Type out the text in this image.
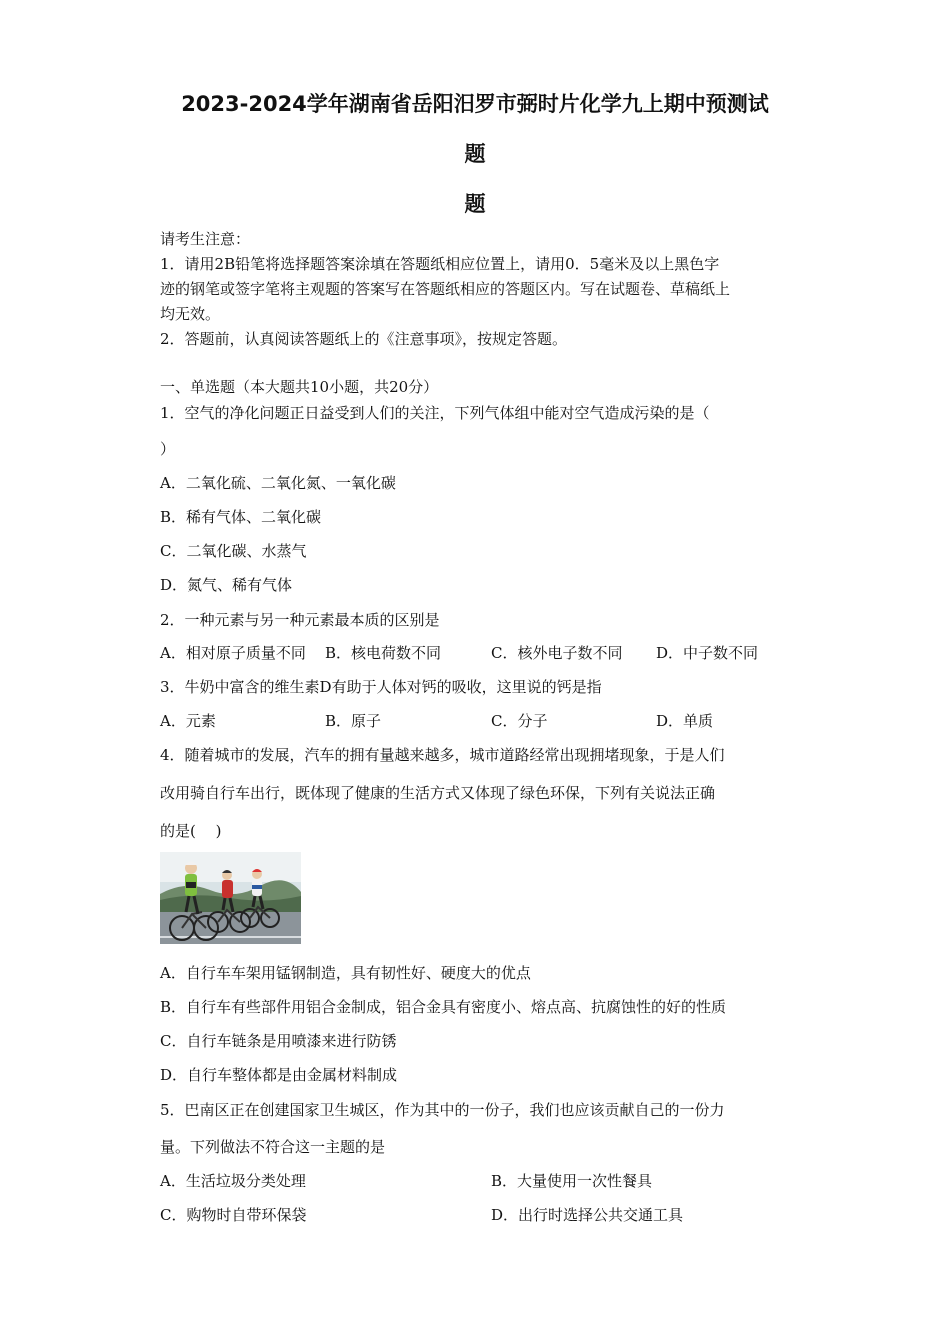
2023-2024学年湖南省岳阳汨罗市弼时片化学九上期中预测试
题
题
请考生注意：
1．请用2B铅笔将选择题答案涂填在答题纸相应位置上，请用0．5毫米及以上黑色字
迹的钢笔或签字笔将主观题的答案写在答题纸相应的答题区内。写在试题卷、草稿纸上
均无效。
2．答题前，认真阅读答题纸上的《注意事项》，按规定答题。
一、单选题（本大题共10小题，共20分）
1．空气的净化问题正日益受到人们的关注，下列气体组中能对空气造成污染的是（
）
A．二氧化硫、二氧化氮、一氧化碳
B．稀有气体、二氧化碳
C．二氧化碳、水蒸气
D．氮气、稀有气体
2．一种元素与另一种元素最本质的区别是
A．相对原子质量不同 B．核电荷数不同	C．核外电子数不同 D．中子数不同
3．牛奶中富含的维生素D有助于人体对钙的吸收，这里说的钙是指
A．元素	B．原子	C．分子	D．单质
4．随着城市的发展，汽车的拥有量越来越多，城市道路经常出现拥堵现象，于是人们
改用骑自行车出行，既体现了健康的生活方式又体现了绿色环保，下列有关说法正确
的是(　 )
A．自行车车架用锰钢制造，具有韧性好、硬度大的优点
B．自行车有些部件用铝合金制成，铝合金具有密度小、熔点高、抗腐蚀性的好的性质
C．自行车链条是用喷漆来进行防锈
D．自行车整体都是由金属材料制成
5．巴南区正在创建国家卫生城区，作为其中的一份子，我们也应该贡献自己的一份力
量。下列做法不符合这一主题的是
A．生活垃圾分类处理	B．大量使用一次性餐具
C．购物时自带环保袋	D．出行时选择公共交通工具
